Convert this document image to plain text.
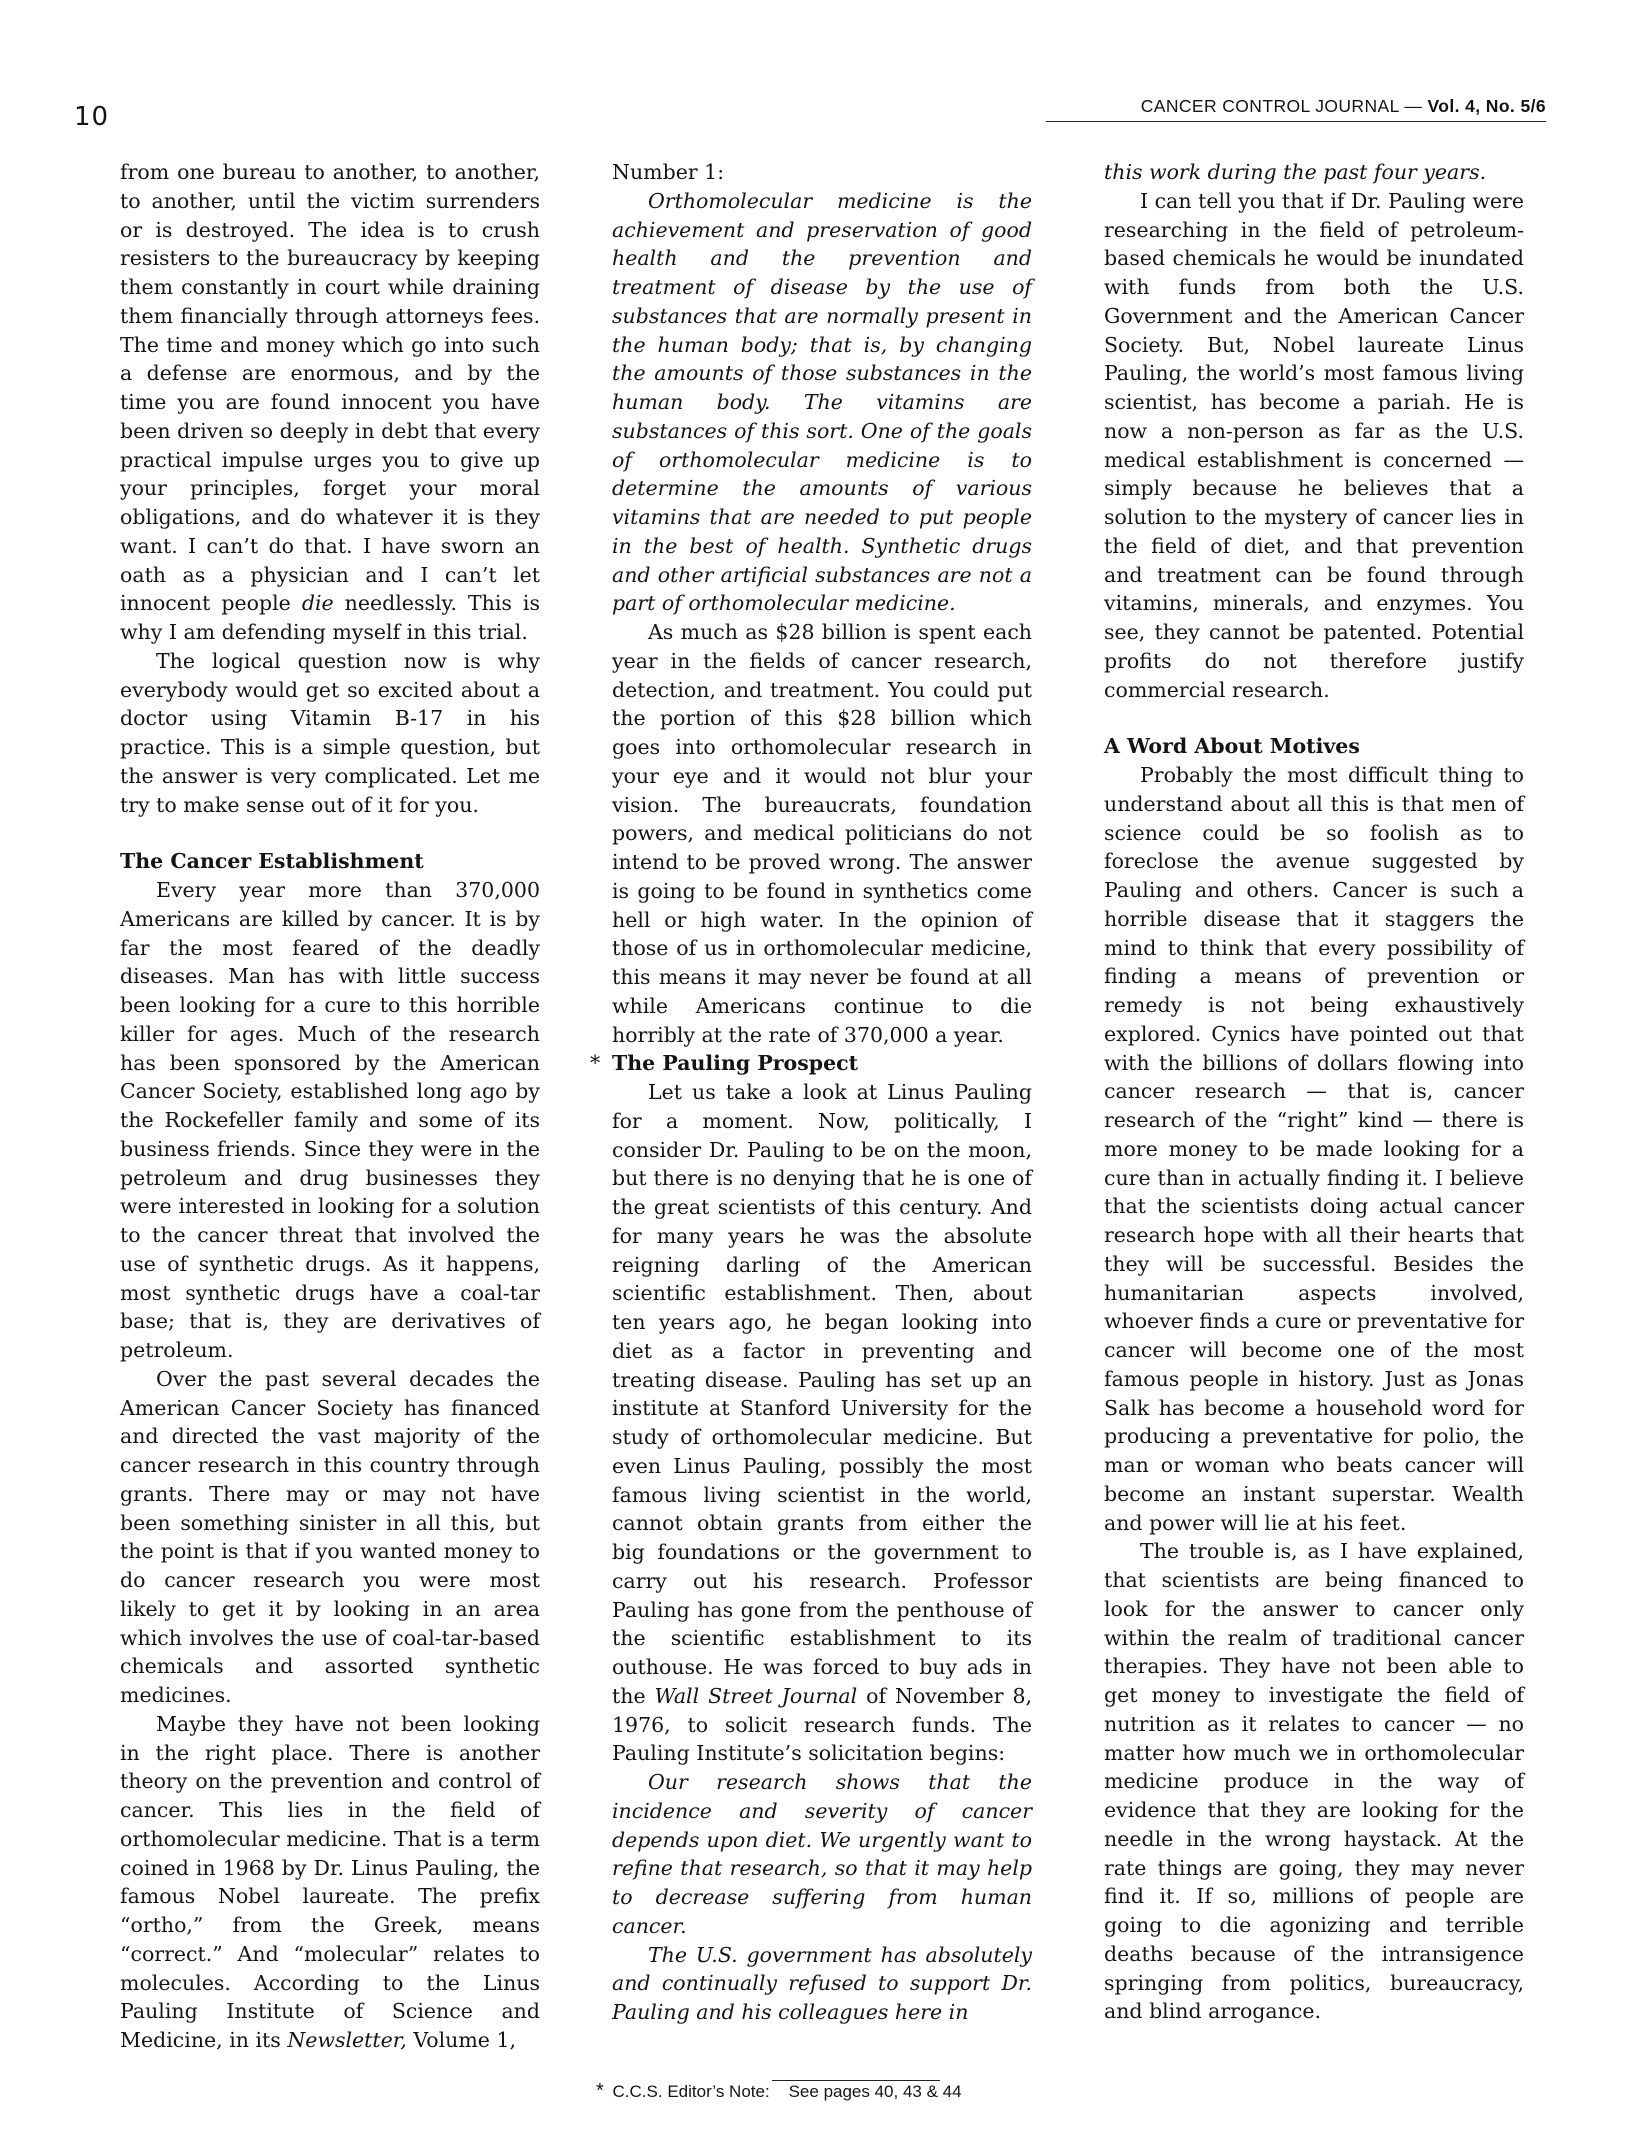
10	CANCER CONTROL JOURNAL — Vol. 4, No. 5/6

from one bureau to another, to another, to another, until the victim surrenders or is destroyed. The idea is to crush resisters to the bureaucracy by keeping them constantly in court while draining them financially through attorneys fees. The time and money which go into such a defense are enormous, and by the time you are found innocent you have been driven so deeply in debt that every practical impulse urges you to give up your principles, forget your moral obligations, and do whatever it is they want. I can’t do that. I have sworn an oath as a physician and I can’t let innocent people die needlessly. This is why I am defending myself in this trial.

The logical question now is why everybody would get so excited about a doctor using Vitamin B-17 in his practice. This is a simple question, but the answer is very complicated. Let me try to make sense out of it for you.

The Cancer Establishment

Every year more than 370,000 Americans are killed by cancer. It is by far the most feared of the deadly diseases. Man has with little success been looking for a cure to this horrible killer for ages. Much of the research has been sponsored by the American Cancer Society, established long ago by the Rockefeller family and some of its business friends. Since they were in the petroleum and drug businesses they were interested in looking for a solution to the cancer threat that involved the use of synthetic drugs. As it happens, most synthetic drugs have a coal-tar base; that is, they are derivatives of petroleum.

Over the past several decades the American Cancer Society has financed and directed the vast majority of the cancer research in this country through grants. There may or may not have been something sinister in all this, but the point is that if you wanted money to do cancer research you were most likely to get it by looking in an area which involves the use of coal-tar-based chemicals and assorted synthetic medicines.

Maybe they have not been looking in the right place. There is another theory on the prevention and control of cancer. This lies in the field of orthomolecular medicine. That is a term coined in 1968 by Dr. Linus Pauling, the famous Nobel laureate. The prefix “ortho,” from the Greek, means “correct.” And “molecular” relates to molecules. According to the Linus Pauling Institute of Science and Medicine, in its Newsletter, Volume 1,

Number 1:

Orthomolecular medicine is the achievement and preservation of good health and the prevention and treatment of disease by the use of substances that are normally present in the human body; that is, by changing the amounts of those substances in the human body. The vitamins are substances of this sort. One of the goals of orthomolecular medicine is to determine the amounts of various vitamins that are needed to put people in the best of health. Synthetic drugs and other artificial substances are not a part of orthomolecular medicine.

As much as $28 billion is spent each year in the fields of cancer research, detection, and treatment. You could put the portion of this $28 billion which goes into orthomolecular research in your eye and it would not blur your vision. The bureaucrats, foundation powers, and medical politicians do not intend to be proved wrong. The answer is going to be found in synthetics come hell or high water. In the opinion of those of us in orthomolecular medicine, this means it may never be found at all while Americans continue to die horribly at the rate of 370,000 a year.

* The Pauling Prospect

Let us take a look at Linus Pauling for a moment. Now, politically, I consider Dr. Pauling to be on the moon, but there is no denying that he is one of the great scientists of this century. And for many years he was the absolute reigning darling of the American scientific establishment. Then, about ten years ago, he began looking into diet as a factor in preventing and treating disease. Pauling has set up an institute at Stanford University for the study of orthomolecular medicine. But even Linus Pauling, possibly the most famous living scientist in the world, cannot obtain grants from either the big foundations or the government to carry out his research. Professor Pauling has gone from the penthouse of the scientific establishment to its outhouse. He was forced to buy ads in the Wall Street Journal of November 8, 1976, to solicit research funds. The Pauling Institute’s solicitation begins:

Our research shows that the incidence and severity of cancer depends upon diet. We urgently want to refine that research, so that it may help to decrease suffering from human cancer.

The U.S. government has absolutely and continually refused to support Dr. Pauling and his colleagues here in

this work during the past four years.

I can tell you that if Dr. Pauling were researching in the field of petroleum-based chemicals he would be inundated with funds from both the U.S. Government and the American Cancer Society. But, Nobel laureate Linus Pauling, the world’s most famous living scientist, has become a pariah. He is now a non-person as far as the U.S. medical establishment is concerned — simply because he believes that a solution to the mystery of cancer lies in the field of diet, and that prevention and treatment can be found through vitamins, minerals, and enzymes. You see, they cannot be patented. Potential profits do not therefore justify commercial research.

A Word About Motives

Probably the most difficult thing to understand about all this is that men of science could be so foolish as to foreclose the avenue suggested by Pauling and others. Cancer is such a horrible disease that it staggers the mind to think that every possibility of finding a means of prevention or remedy is not being exhaustively explored. Cynics have pointed out that with the billions of dollars flowing into cancer research — that is, cancer research of the “right” kind — there is more money to be made looking for a cure than in actually finding it. I believe that the scientists doing actual cancer research hope with all their hearts that they will be successful. Besides the humanitarian aspects involved, whoever finds a cure or preventative for cancer will become one of the most famous people in history. Just as Jonas Salk has become a household word for producing a preventative for polio, the man or woman who beats cancer will become an instant superstar. Wealth and power will lie at his feet.

The trouble is, as I have explained, that scientists are being financed to look for the answer to cancer only within the realm of traditional cancer therapies. They have not been able to get money to investigate the field of nutrition as it relates to cancer — no matter how much we in orthomolecular medicine produce in the way of evidence that they are looking for the needle in the wrong haystack. At the rate things are going, they may never find it. If so, millions of people are going to die agonizing and terrible deaths because of the intransigence springing from politics, bureaucracy, and blind arrogance.

* C.C.S. Editor’s Note: See pages 40, 43 & 44
